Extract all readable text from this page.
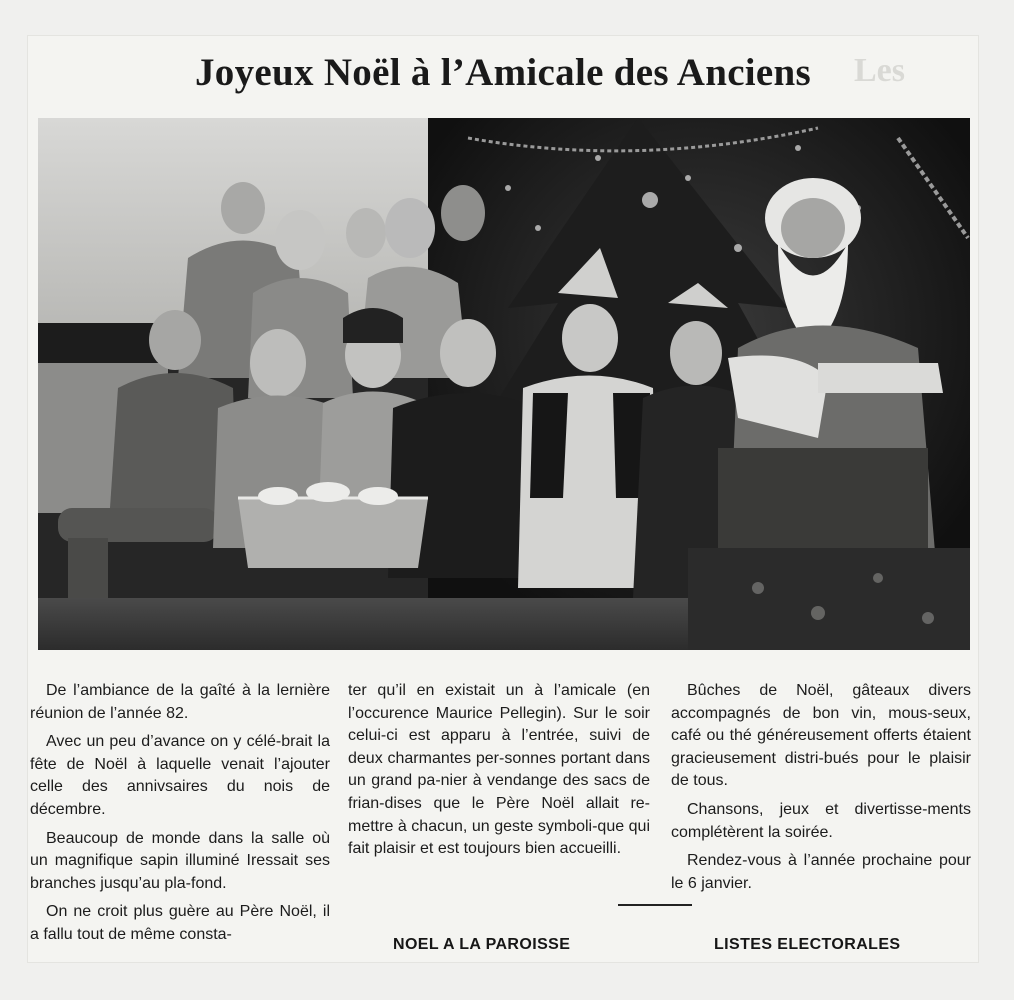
Les
Joyeux Noël à l’Amicale des Anciens

De l’ambiance de la gaîté à la lernière réunion de l’année 82.

Avec un peu d’avance on y célé-brait la fête de Noël à laquelle venait l’ajouter celle des annivsaires du nois de décembre.

Beaucoup de monde dans la salle où un magnifique sapin illuminé Iressait ses branches jusqu’au pla-fond.

On ne croit plus guère au Père Noël, il a fallu tout de même consta-

ter qu’il en existait un à l’amicale (en l’occurence Maurice Pellegin). Sur le soir celui-ci est apparu à l’entrée, suivi de deux charmantes per-sonnes portant dans un grand pa-nier à vendange des sacs de frian-dises que le Père Noël allait re-mettre à chacun, un geste symboli-que qui fait plaisir et est toujours bien accueilli.

Bûches de Noël, gâteaux divers accompagnés de bon vin, mous-seux, café ou thé généreusement offerts étaient gracieusement distri-bués pour le plaisir de tous.

Chansons, jeux et divertisse-ments complétèrent la soirée.

Rendez-vous à l’année prochaine pour le 6 janvier.

NOEL A LA PAROISSE	LISTES ELECTORALES
